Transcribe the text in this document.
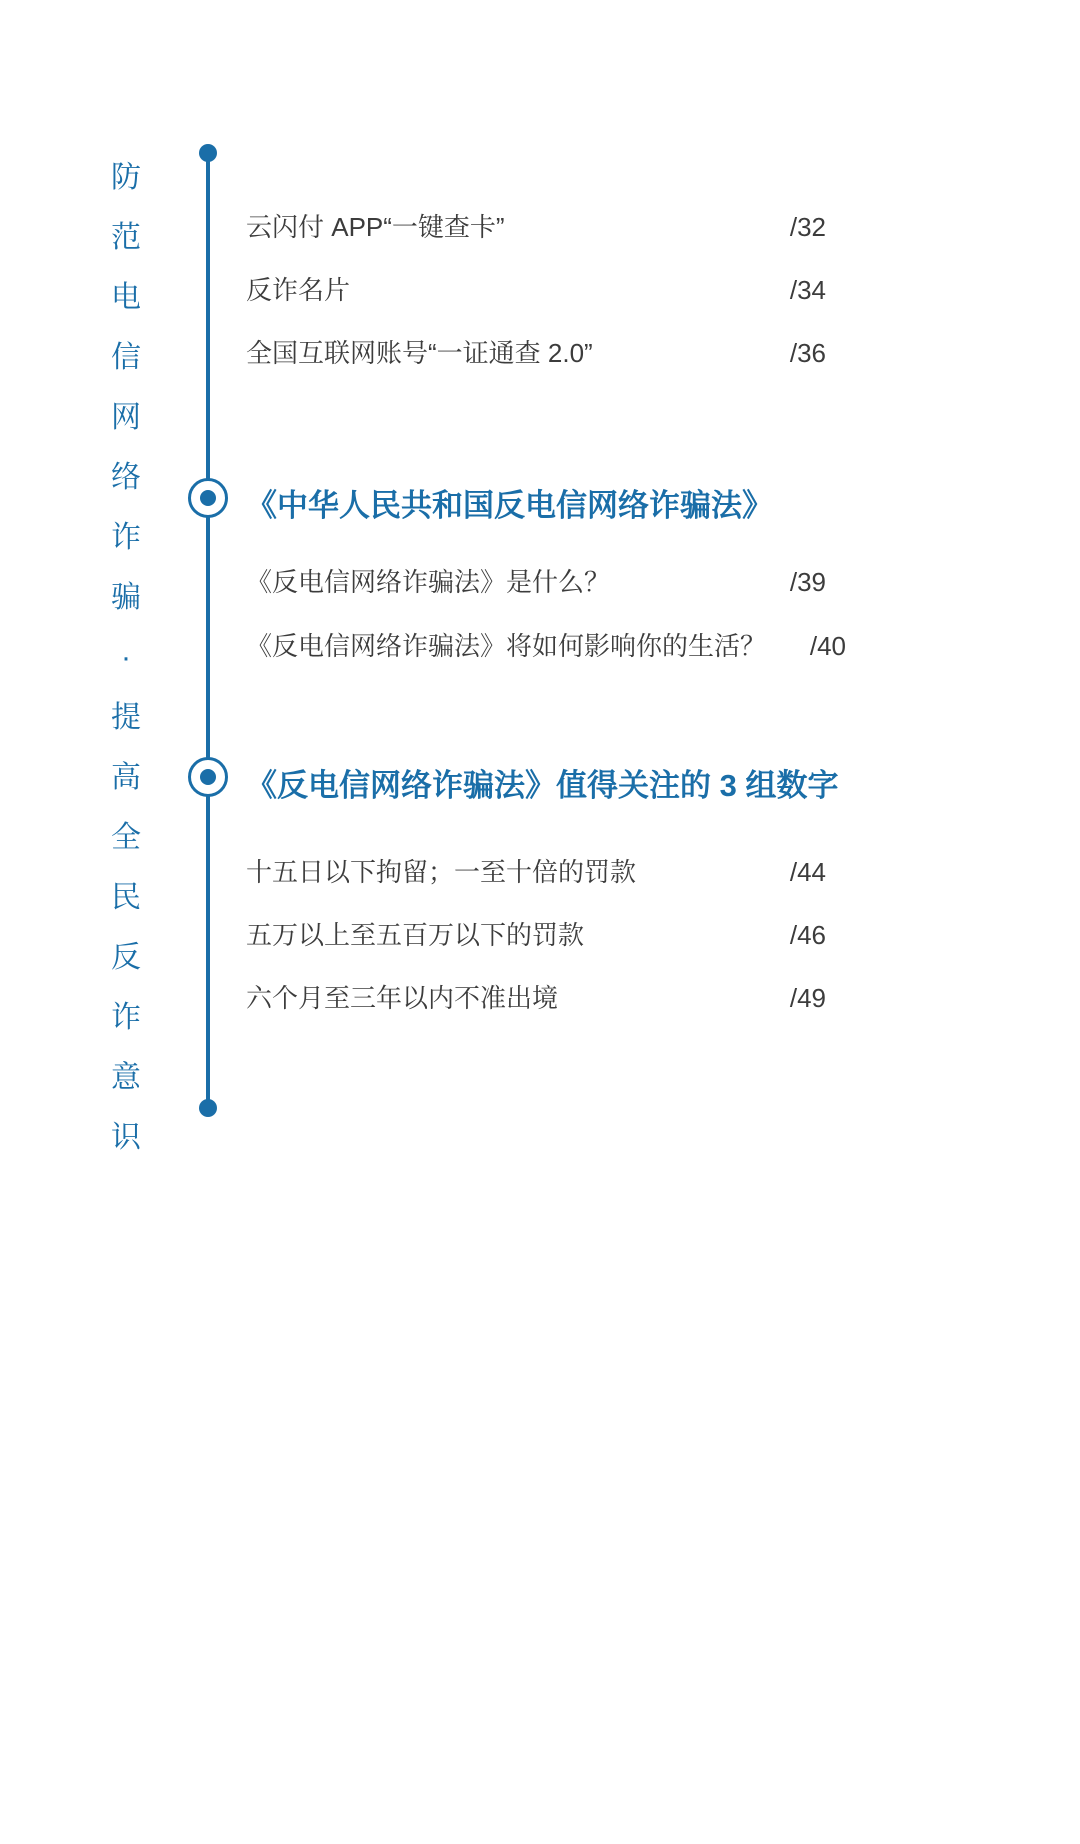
防
范
电
信
网
络
诈
骗
·
提
高
全
民
反
诈
意
识
云闪付 APP“一键查卡”	/32
反诈名片	/34
全国互联网账号“一证通查 2.0”	/36
《中华人民共和国反电信网络诈骗法》
《反电信网络诈骗法》是什么？	/39
《反电信网络诈骗法》将如何影响你的生活？ /40
《反电信网络诈骗法》值得关注的 3 组数字
十五日以下拘留；一至十倍的罚款	/44
五万以上至五百万以下的罚款	/46
六个月至三年以内不准出境	/49
